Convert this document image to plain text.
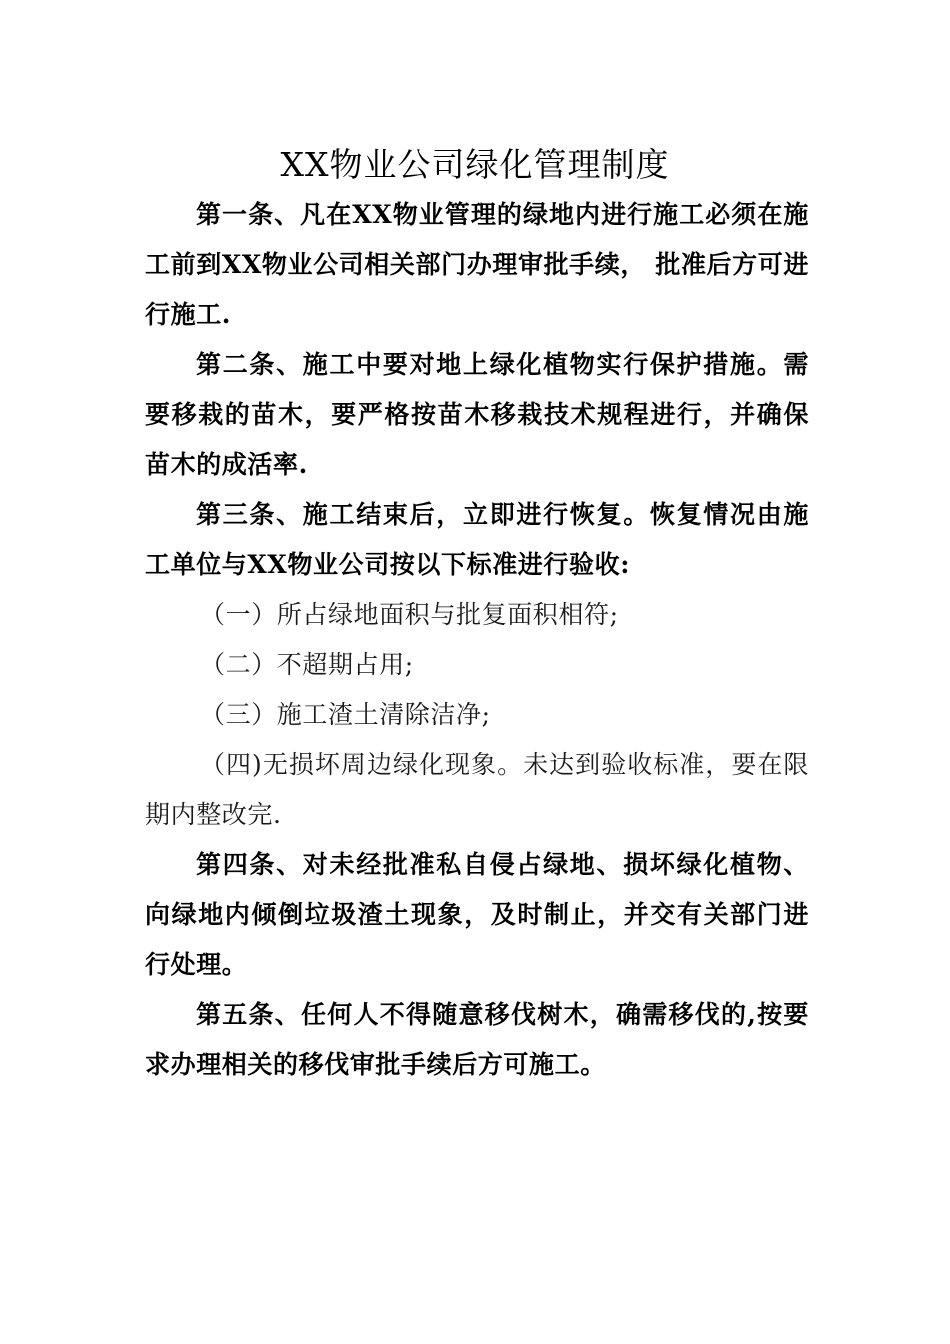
XX物业公司绿化管理制度

第一条、凡在XX物业管理的绿地内进行施工必须在施工前到XX物业公司相关部门办理审批手续， 批准后方可进行施工.

第二条、施工中要对地上绿化植物实行保护措施。需要移栽的苗木，要严格按苗木移栽技术规程进行，并确保苗木的成活率.

第三条、施工结束后，立即进行恢复。恢复情况由施工单位与XX物业公司按以下标准进行验收:

（一）所占绿地面积与批复面积相符;

（二）不超期占用;

（三）施工渣土清除洁净;

（四)无损坏周边绿化现象。未达到验收标准，要在限期内整改完.

第四条、对未经批准私自侵占绿地、损坏绿化植物、向绿地内倾倒垃圾渣土现象，及时制止，并交有关部门进行处理。

第五条、任何人不得随意移伐树木，确需移伐的,按要求办理相关的移伐审批手续后方可施工。
